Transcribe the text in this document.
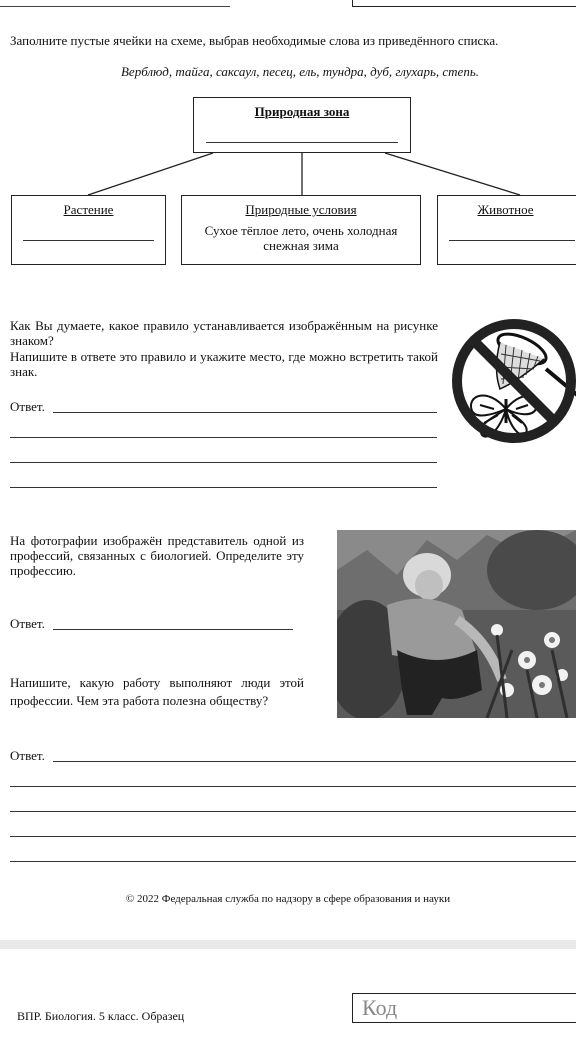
Заполните пустые ячейки на схеме, выбрав необходимые слова из приведённого списка.
Верблюд, тайга, саксаул, песец, ель, тундра, дуб, глухарь, степь.
Природная зона
Растение	Природные условия
Сухое тёплое лето, очень холодная снежная зима
Животное
Как Вы думаете, какое правило устанавливается изображённым на рисунке знаком?
Напишите в ответе это правило и укажите место, где можно встретить такой знак.
Ответ.
На фотографии изображён представитель одной из профессий, связанных с биологией. Определите эту профессию.
Ответ.
Напишите, какую работу выполняют люди этой профессии. Чем эта работа полезна обществу?
Ответ.
© 2022 Федеральная служба по надзору в сфере образования и науки
ВПР. Биология. 5 класс. Образец	Код
